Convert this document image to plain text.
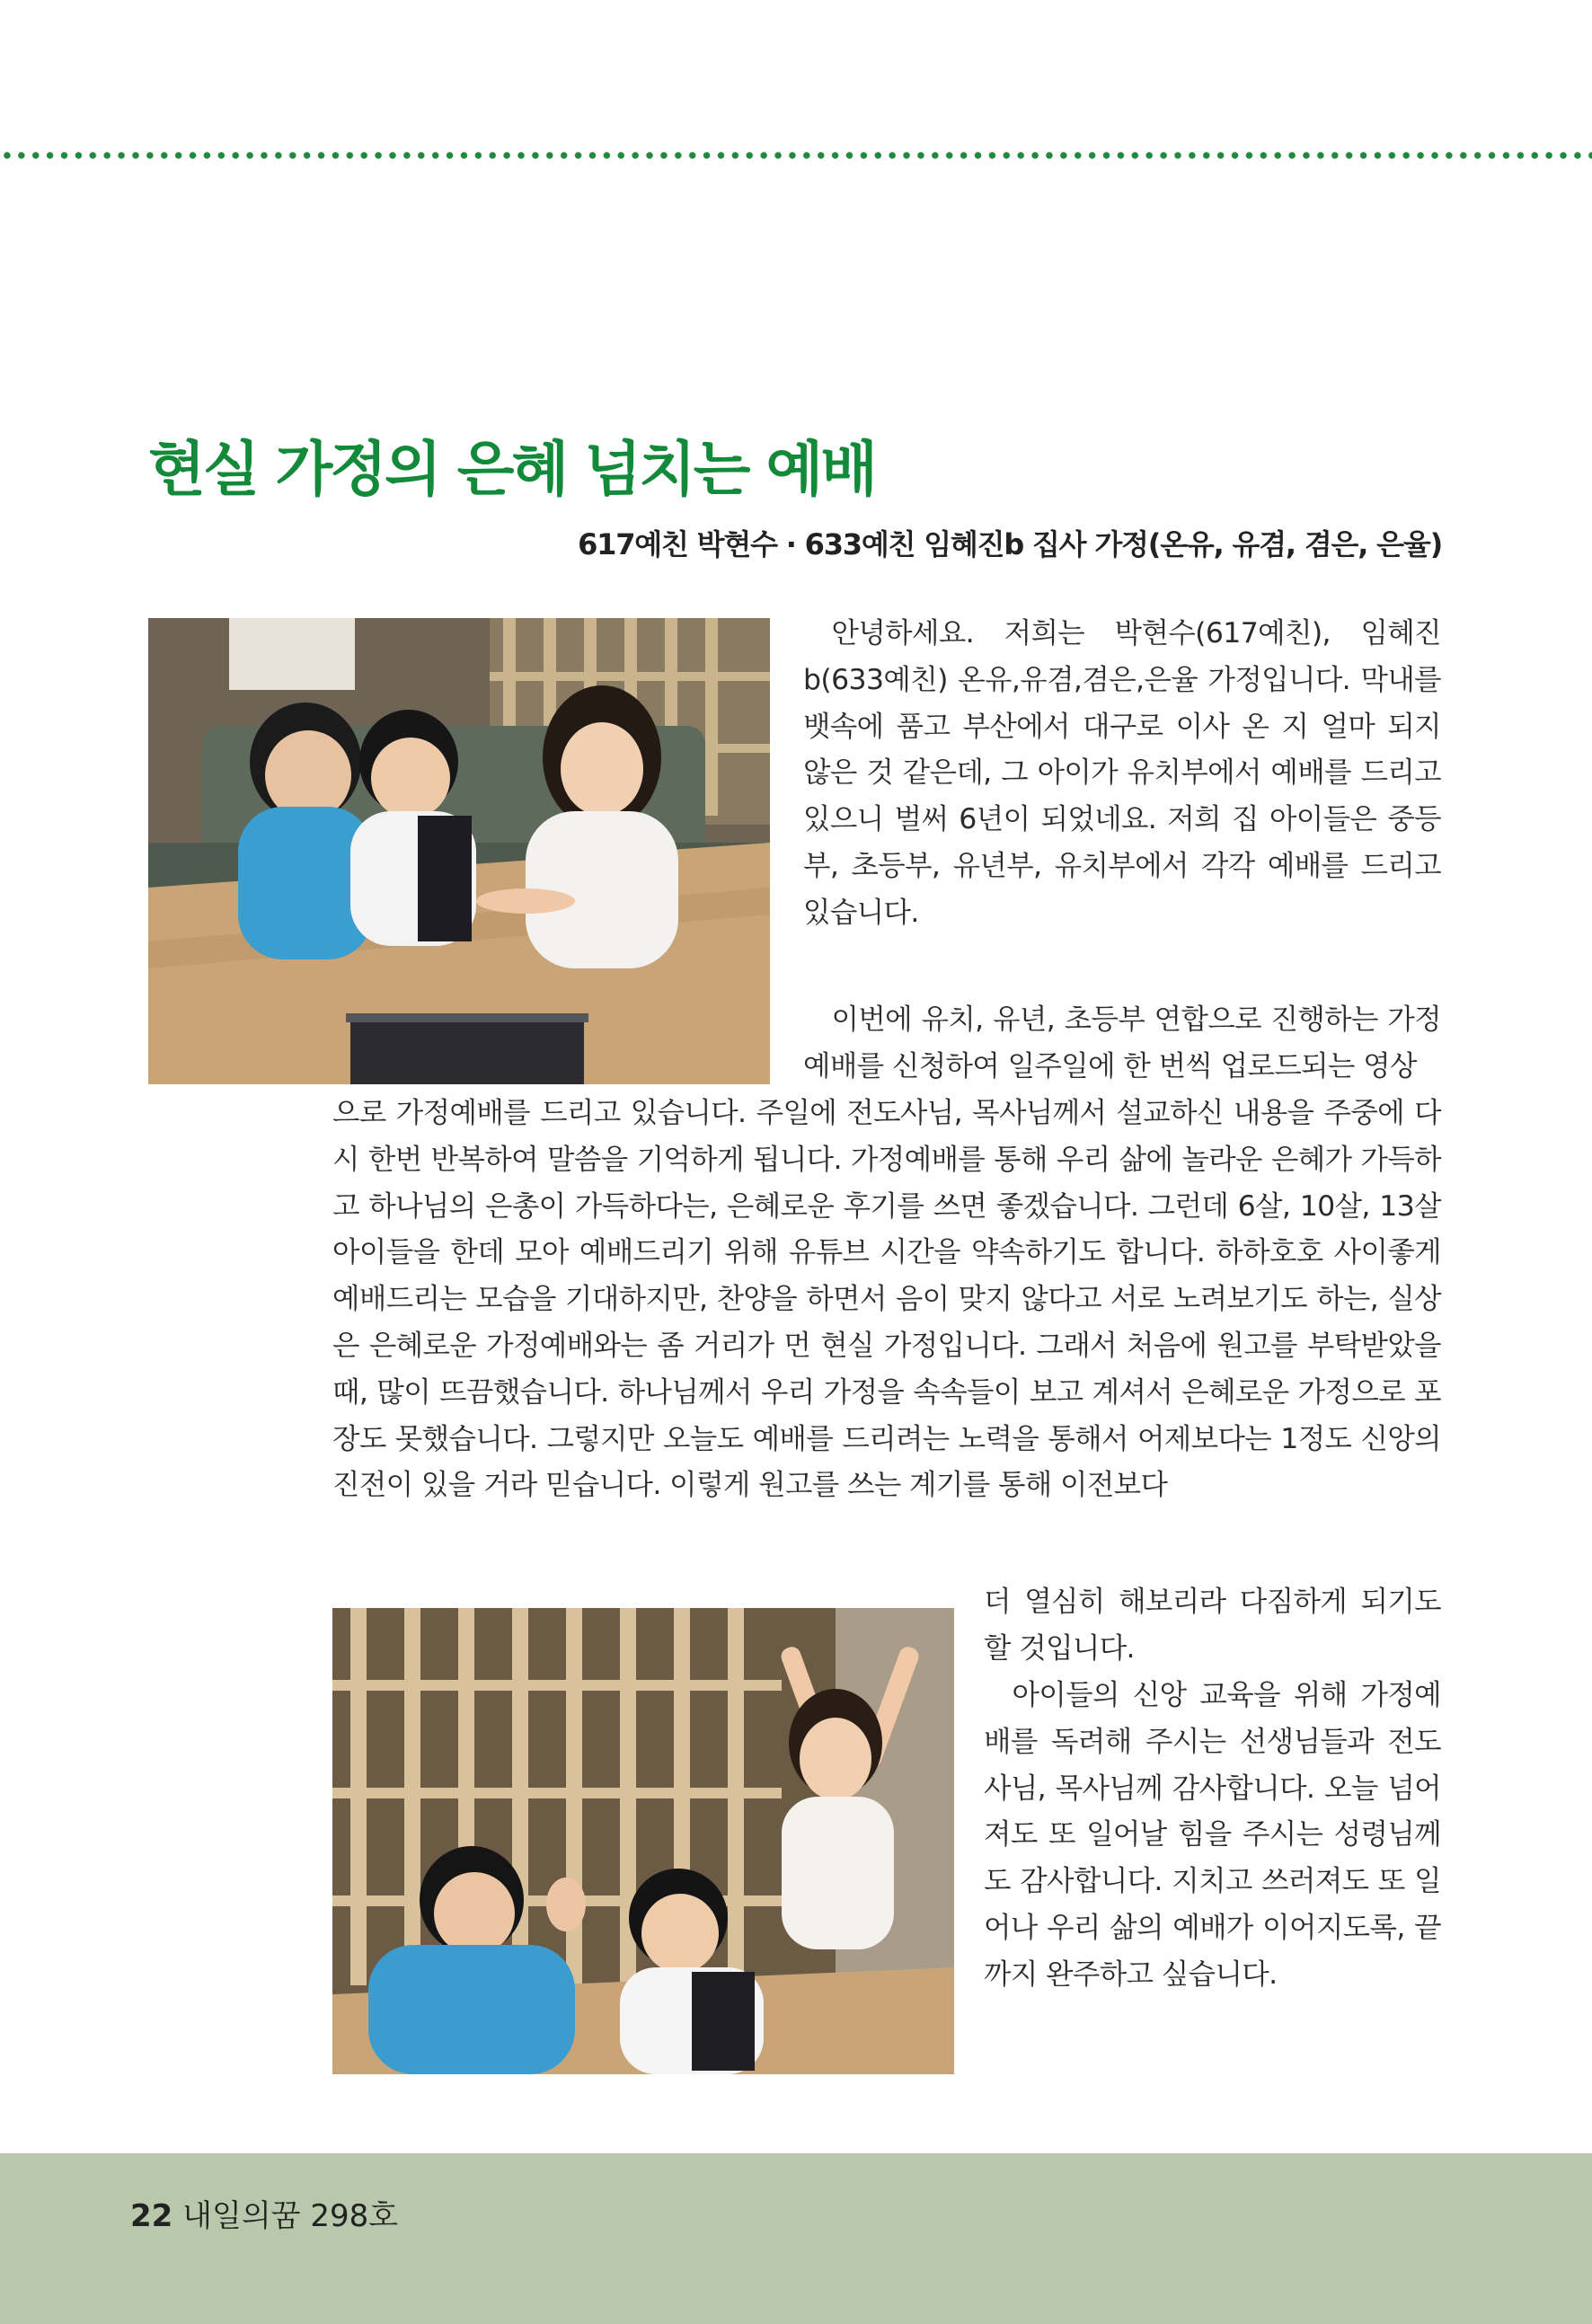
현실 가정의 은혜 넘치는 예배

617예친 박현수 · 633예친 임혜진b 집사 가정(온유, 유겸, 겸은, 은율)

안녕하세요. 저희는 박현수(617예친), 임혜진b(633예친) 온유,유겸,겸은,은율 가정입니다. 막내를 뱃속에 품고 부산에서 대구로 이사 온 지 얼마 되지 않은 것 같은데, 그 아이가 유치부에서 예배를 드리고 있으니 벌써 6년이 되었네요. 저희 집 아이들은 중등부, 초등부, 유년부, 유치부에서 각각 예배를 드리고 있습니다.

이번에 유치, 유년, 초등부 연합으로 진행하는 가정예배를 신청하여 일주일에 한 번씩 업로드되는 영상

으로 가정예배를 드리고 있습니다. 주일에 전도사님, 목사님께서 설교하신 내용을 주중에 다시 한번 반복하여 말씀을 기억하게 됩니다. 가정예배를 통해 우리 삶에 놀라운 은혜가 가득하고 하나님의 은총이 가득하다는, 은혜로운 후기를 쓰면 좋겠습니다. 그런데 6살, 10살, 13살 아이들을 한데 모아 예배드리기 위해 유튜브 시간을 약속하기도 합니다. 하하호호 사이좋게 예배드리는 모습을 기대하지만, 찬양을 하면서 음이 맞지 않다고 서로 노려보기도 하는, 실상은 은혜로운 가정예배와는 좀 거리가 먼 현실 가정입니다. 그래서 처음에 원고를 부탁받았을 때, 많이 뜨끔했습니다. 하나님께서 우리 가정을 속속들이 보고 계셔서 은혜로운 가정으로 포장도 못했습니다. 그렇지만 오늘도 예배를 드리려는 노력을 통해서 어제보다는 1정도 신앙의 진전이 있을 거라 믿습니다. 이렇게 원고를 쓰는 계기를 통해 이전보다

더 열심히 해보리라 다짐하게 되기도 할 것입니다.

아이들의 신앙 교육을 위해 가정예배를 독려해 주시는 선생님들과 전도사님, 목사님께 감사합니다. 오늘 넘어져도 또 일어날 힘을 주시는 성령님께도 감사합니다. 지치고 쓰러져도 또 일어나 우리 삶의 예배가 이어지도록, 끝까지 완주하고 싶습니다.

22 내일의꿈 298호
